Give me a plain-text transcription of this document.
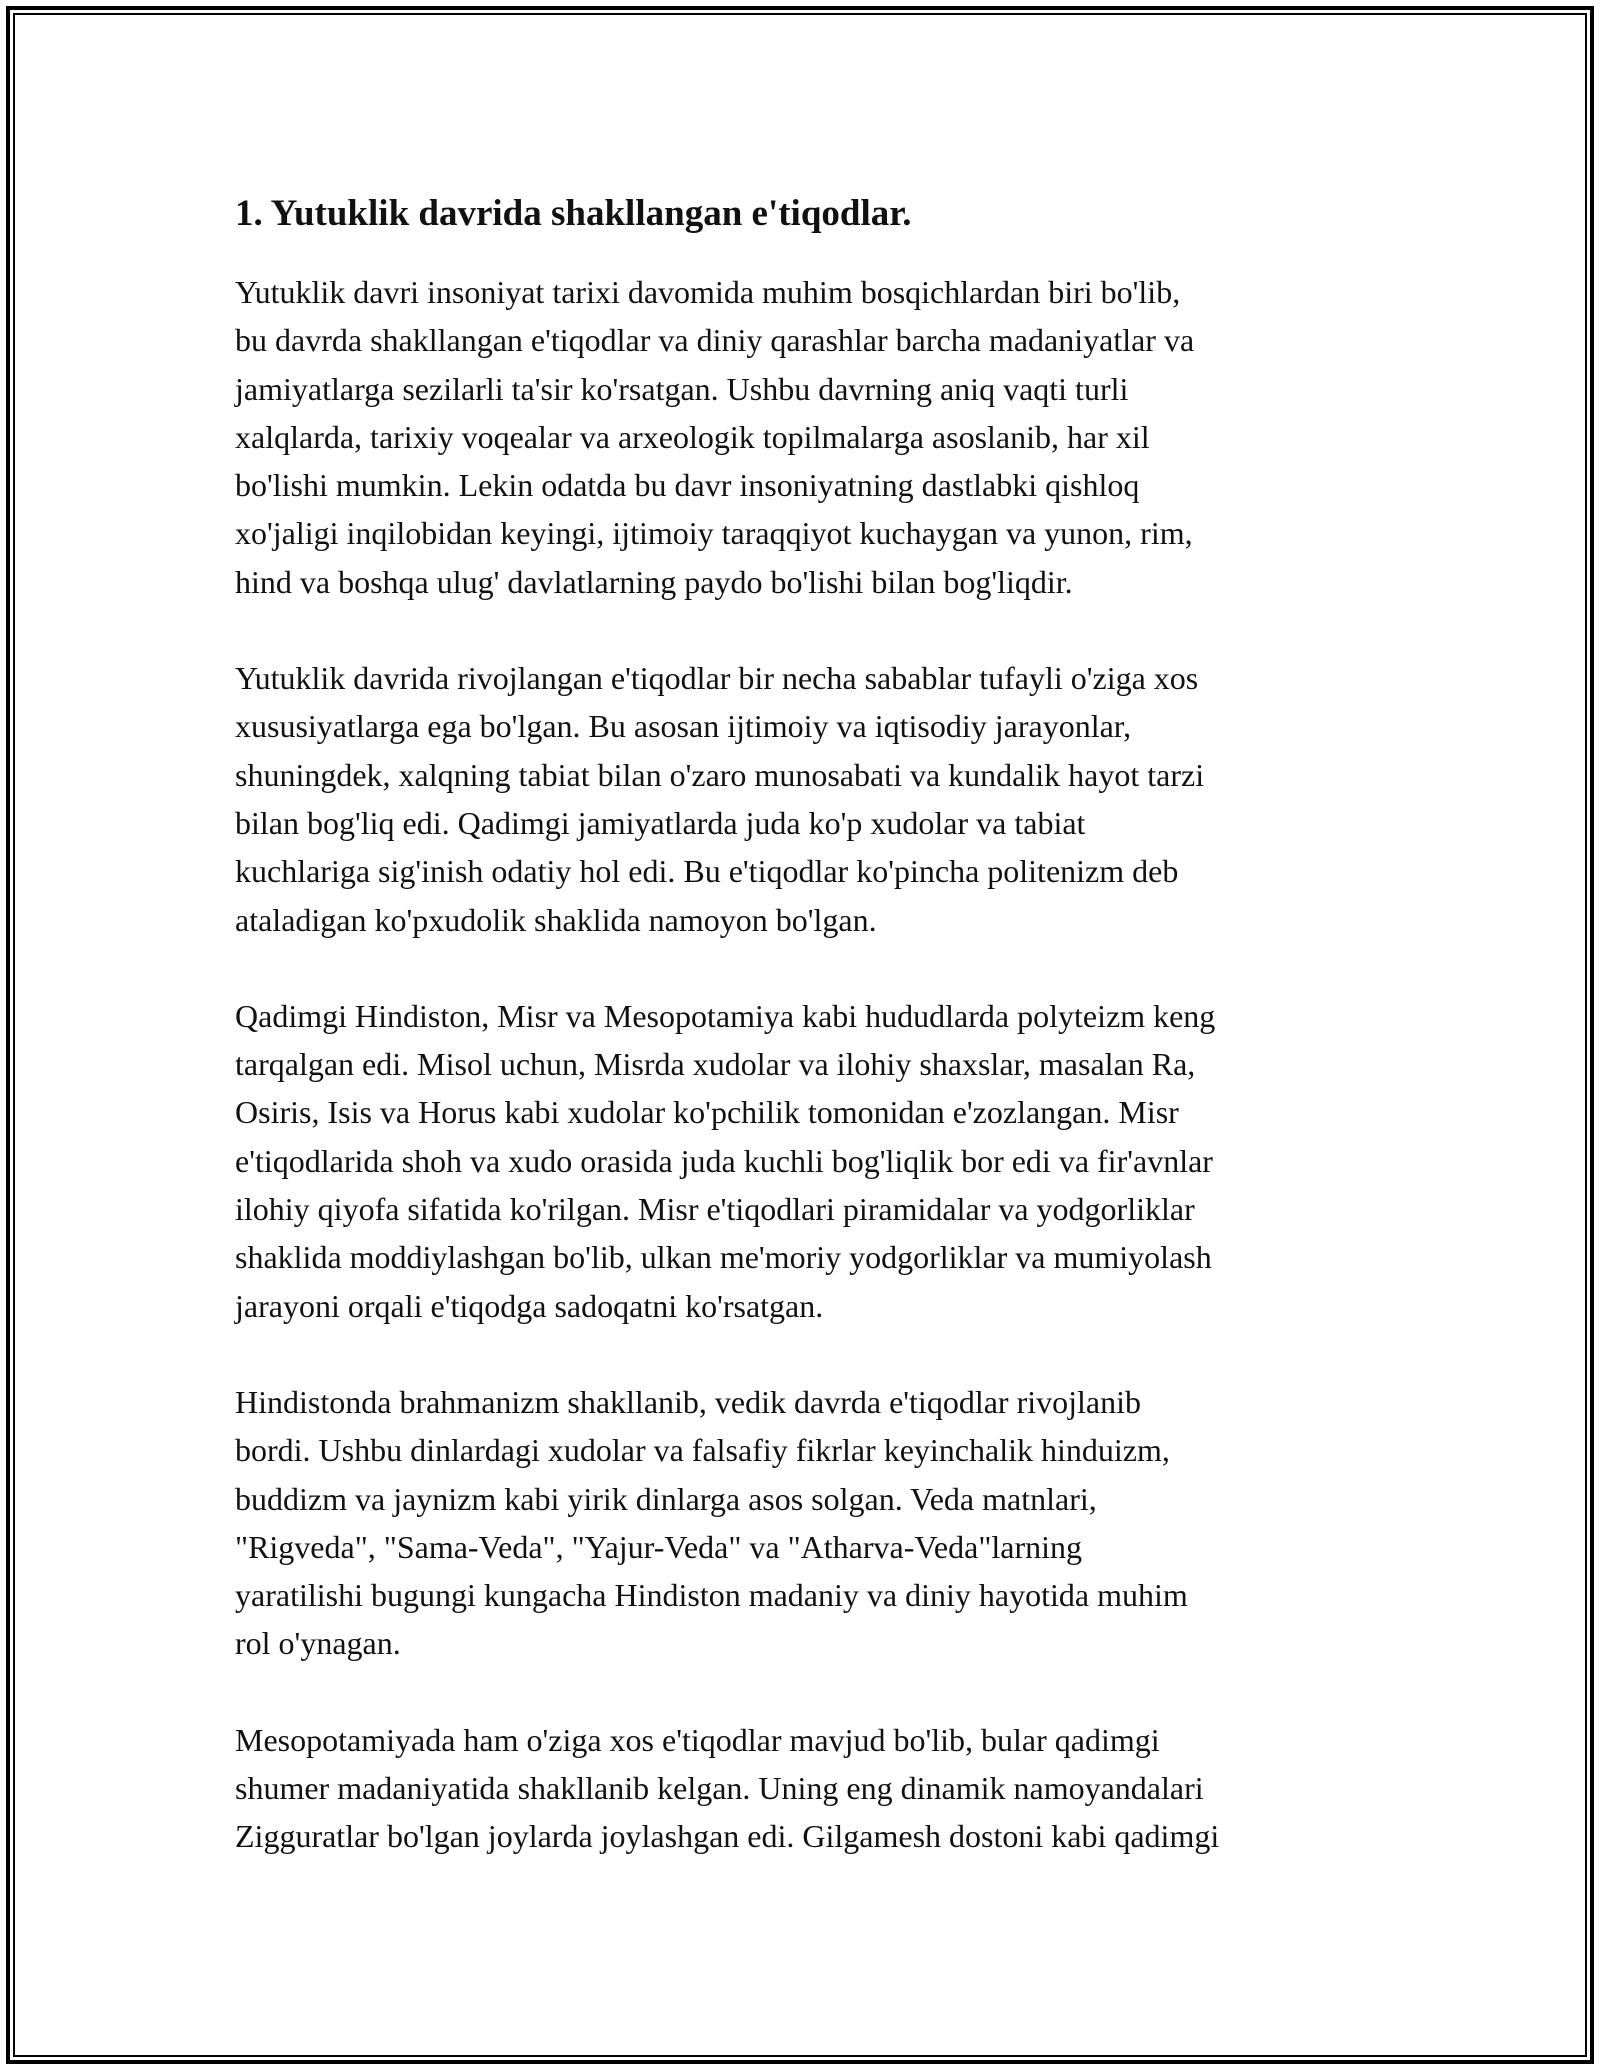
1. Yutuklik davrida shakllangan e'tiqodlar.

Yutuklik davri insoniyat tarixi davomida muhim bosqichlardan biri bo'lib,
bu davrda shakllangan e'tiqodlar va diniy qarashlar barcha madaniyatlar va
jamiyatlarga sezilarli ta'sir ko'rsatgan. Ushbu davrning aniq vaqti turli
xalqlarda, tarixiy voqealar va arxeologik topilmalarga asoslanib, har xil
bo'lishi mumkin. Lekin odatda bu davr insoniyatning dastlabki qishloq
xo'jaligi inqilobidan keyingi, ijtimoiy taraqqiyot kuchaygan va yunon, rim,
hind va boshqa ulug' davlatlarning paydo bo'lishi bilan bog'liqdir.

Yutuklik davrida rivojlangan e'tiqodlar bir necha sabablar tufayli o'ziga xos
xususiyatlarga ega bo'lgan. Bu asosan ijtimoiy va iqtisodiy jarayonlar,
shuningdek, xalqning tabiat bilan o'zaro munosabati va kundalik hayot tarzi
bilan bog'liq edi. Qadimgi jamiyatlarda juda ko'p xudolar va tabiat
kuchlariga sig'inish odatiy hol edi. Bu e'tiqodlar ko'pincha politenizm deb
ataladigan ko'pxudolik shaklida namoyon bo'lgan.

Qadimgi Hindiston, Misr va Mesopotamiya kabi hududlarda polyteizm keng
tarqalgan edi. Misol uchun, Misrda xudolar va ilohiy shaxslar, masalan Ra,
Osiris, Isis va Horus kabi xudolar ko'pchilik tomonidan e'zozlangan. Misr
e'tiqodlarida shoh va xudo orasida juda kuchli bog'liqlik bor edi va fir'avnlar
ilohiy qiyofa sifatida ko'rilgan. Misr e'tiqodlari piramidalar va yodgorliklar
shaklida moddiylashgan bo'lib, ulkan me'moriy yodgorliklar va mumiyolash
jarayoni orqali e'tiqodga sadoqatni ko'rsatgan.

Hindistonda brahmanizm shakllanib, vedik davrda e'tiqodlar rivojlanib
bordi. Ushbu dinlardagi xudolar va falsafiy fikrlar keyinchalik hinduizm,
buddizm va jaynizm kabi yirik dinlarga asos solgan. Veda matnlari,
"Rigveda", "Sama-Veda", "Yajur-Veda" va "Atharva-Veda"larning
yaratilishi bugungi kungacha Hindiston madaniy va diniy hayotida muhim
rol o'ynagan.

Mesopotamiyada ham o'ziga xos e'tiqodlar mavjud bo'lib, bular qadimgi
shumer madaniyatida shakllanib kelgan. Uning eng dinamik namoyandalari
Zigguratlar bo'lgan joylarda joylashgan edi. Gilgamesh dostoni kabi qadimgi
